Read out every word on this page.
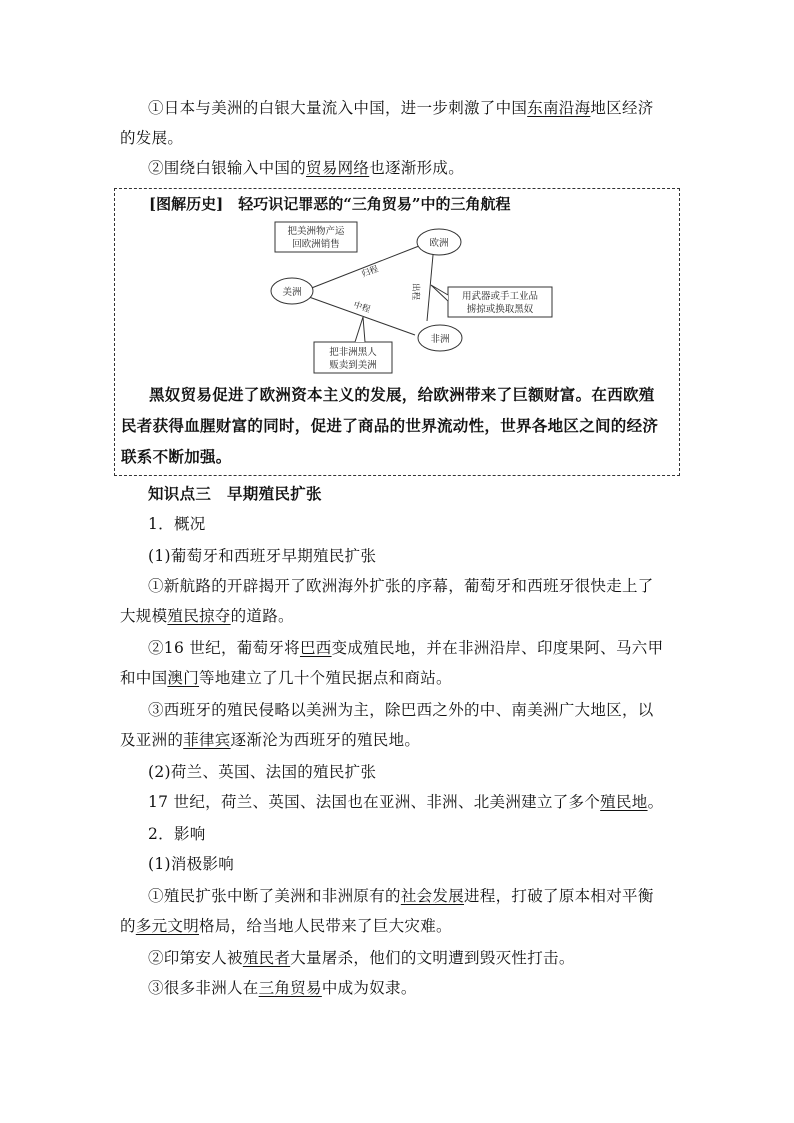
①日本与美洲的白银大量流入中国，进一步刺激了中国东南沿海地区经济
的发展。
②围绕白银输入中国的贸易网络也逐渐形成。
[图解历史]　轻巧识记罪恶的“三角贸易”中的三角航程
美洲
欧洲
非洲
归程
出程
中程
把美洲物产运
回欧洲销售
用武器或手工业品
掳掠或换取黑奴
把非洲黑人
贩卖到美洲
黑奴贸易促进了欧洲资本主义的发展，给欧洲带来了巨额财富。在西欧殖
民者获得血腥财富的同时，促进了商品的世界流动性，世界各地区之间的经济
联系不断加强。
知识点三　早期殖民扩张
1．概况
(1)葡萄牙和西班牙早期殖民扩张
①新航路的开辟揭开了欧洲海外扩张的序幕，葡萄牙和西班牙很快走上了
大规模殖民掠夺的道路。
②16 世纪，葡萄牙将巴西变成殖民地，并在非洲沿岸、印度果阿、马六甲
和中国澳门等地建立了几十个殖民据点和商站。
③西班牙的殖民侵略以美洲为主，除巴西之外的中、南美洲广大地区，以
及亚洲的菲律宾逐渐沦为西班牙的殖民地。
(2)荷兰、英国、法国的殖民扩张
17 世纪，荷兰、英国、法国也在亚洲、非洲、北美洲建立了多个殖民地。
2．影响
(1)消极影响
①殖民扩张中断了美洲和非洲原有的社会发展进程，打破了原本相对平衡
的多元文明格局，给当地人民带来了巨大灾难。
②印第安人被殖民者大量屠杀，他们的文明遭到毁灭性打击。
③很多非洲人在三角贸易中成为奴隶。
